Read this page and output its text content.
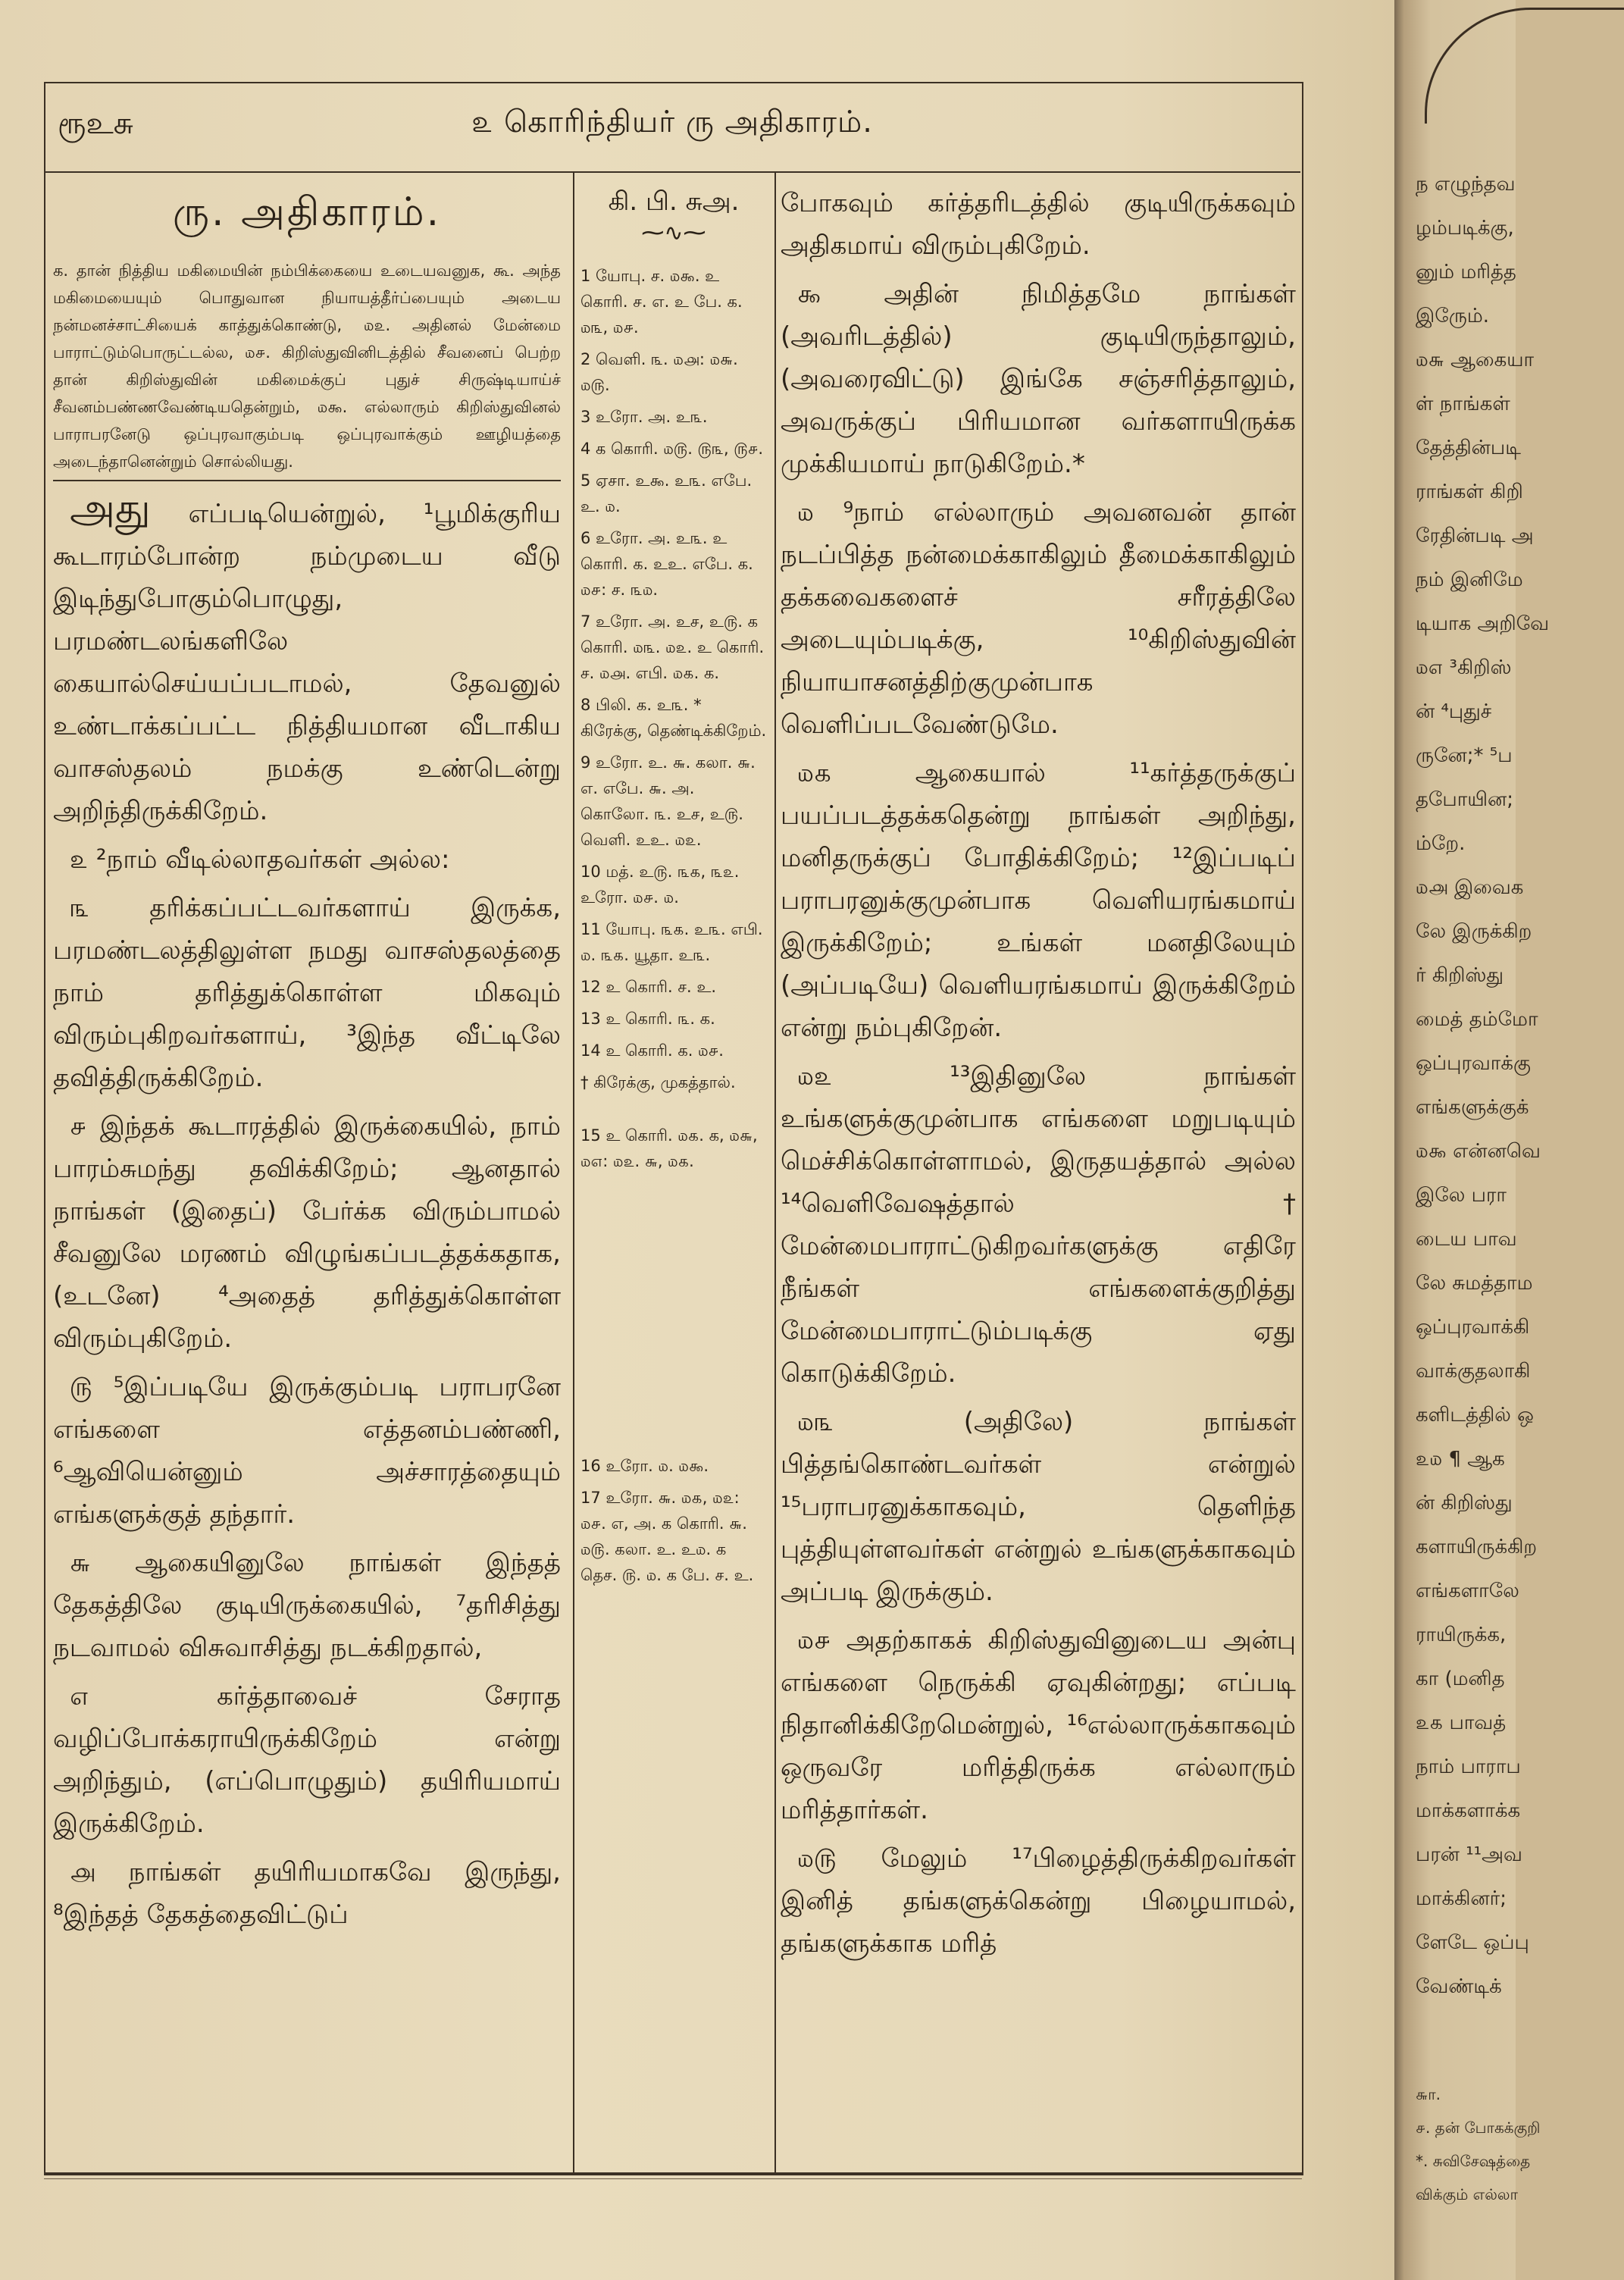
ரூஉசு	௨ கொரிந்தியர் ரு அதிகாரம்.
ரு. அதிகாரம்.
க. தான் நித்திய மகிமையின் நம்பிக்கையை உடையவனுக, கூ. அந்த மகிமையையும் பொதுவான நியாயத்தீர்ப்பையும் அடைய நன்மனச்சாட்சியைக் காத்துக்கொண்டு, ௰௨. அதினல் மேன்மை பாராட்டும்பொருட்டல்ல, ௰௪. கிறிஸ்துவினிடத்தில் சீவனைப் பெற்ற தான் கிறிஸ்துவின் மகிமைக்குப் புதுச் சிருஷ்டியாய்ச் சீவனம்பண்ணவேண்டியதென்றும், ௰௯. எல்லாரும் கிறிஸ்துவினல் பாராபரனேடு ஒப்புரவாகும்படி ஒப்புரவாக்கும் ஊழியத்தை அடைந்தானென்றும் சொல்லியது.

அது எப்படியென்றுல், ¹பூமிக்குரிய கூடாரம்போன்ற நம்முடைய வீடு இடிந்துபோகும்பொழுது, பரமண்டலங்களிலே கையால்செய்யப்படாமல், தேவனுல் உண்டாக்கப்பட்ட நித்தியமான வீடாகிய வாசஸ்தலம் நமக்கு உண்டென்று அறிந்திருக்கிறேம்.

௨ ²நாம் வீடில்லாதவர்கள் அல்ல:

௩ தரிக்கப்பட்டவர்களாய் இருக்க, பரமண்டலத்திலுள்ள நமது வாசஸ்தலத்தை நாம் தரித்துக்கொள்ள மிகவும் விரும்புகிறவர்களாய், ³இந்த வீட்டிலே தவித்திருக்கிறேம்.

௪ இந்தக் கூடாரத்தில் இருக்கையில், நாம் பாரம்சுமந்து தவிக்கிறேம்; ஆனதால் நாங்கள் (இதைப்) பேர்க்க விரும்பாமல் சீவனுலே மரணம் விழுங்கப்படத்தக்கதாக, (உடனே) ⁴அதைத் தரித்துக்கொள்ள விரும்புகிறேம்.

௫ ⁵இப்படியே இருக்கும்படி பராபரனே எங்களை எத்தனம்பண்ணி, ⁶ஆவியென்னும் அச்சாரத்தையும் எங்களுக்குத் தந்தார்.

௬ ஆகையினுலே நாங்கள் இந்தத் தேகத்திலே குடியிருக்கையில், ⁷தரிசித்து நடவாமல் விசுவாசித்து நடக்கிறதால்,

௭ கர்த்தாவைச் சேராத வழிப்போக்கராயிருக்கிறேம் என்று அறிந்தும், (எப்பொழுதும்) தயிரியமாய் இருக்கிறேம்.

௮ நாங்கள் தயிரியமாகவே இருந்து, ⁸இந்தத் தேகத்தைவிட்டுப்

கி. பி. சுஅ.
⁓∿⁓
1 யோபு. ச. ௰௯. உ கொரி. ச. எ. உ பே. க. ௰௩, ௰௪.
2 வெளி. ௩. ௰௮: ௰௬. ௰௫.
3 உரோ. அ. உ௩.
4 க கொரி. ௰௫. ௫௩, ௫௪.
5 ஏசா. உ௯. உ௩. எபே. உ. ௰.
6 உரோ. அ. உ௩. உ கொரி. க. உஉ. எபே. க. ௰௪: ச. ௩௰.
7 உரோ. அ. உச, உ௫. க கொரி. ௰௩. ௰௨. உ கொரி. ச. ௰௮. எபி. ௰௧. க.
8 பிலி. க. உ௩. * கிரேக்கு, தெண்டிக்கிறேம்.
9 உரோ. உ. ௬. கலா. ௬. எ. எபே. ௬. அ. கொலோ. ௩. உச, உ௫. வெளி. உஉ. ௰௨.
10 மத். உ௫. ௩௧, ௩௨. உரோ. ௰௪. ௰.
11 யோபு. ௩௧. உ௩. எபி. ௰. ௩௧. யூதா. உ௩.
12 உ கொரி. ச. உ.
13 உ கொரி. ௩. க.
14 உ கொரி. க. ௰௪.
† கிரேக்கு, முகத்தால்.
15 உ கொரி. ௰௧. க, ௰௬, ௰௭: ௰௨. ௬, ௰௧.
16 உரோ. ௰. ௰௯.
17 உரோ. ௬. ௰௧, ௰௨: ௰௪. எ, அ. க கொரி. ௬. ௰௫. கலா. உ. உ௰. க தெச. ௫. ௰. க பே. ச. உ.

போகவும் கர்த்தரிடத்தில் குடியிருக்கவும் அதிகமாய் விரும்புகிறேம்.

௯ அதின் நிமித்தமே நாங்கள் (அவரிடத்தில்) குடியிருந்தாலும், (அவரைவிட்டு) இங்கே சஞ்சரித்தாலும், அவருக்குப் பிரியமான வர்களாயிருக்க முக்கியமாய் நாடுகிறேம்.*

௰ ⁹நாம் எல்லாரும் அவனவன் தான் நடப்பித்த நன்மைக்காகிலும் தீமைக்காகிலும் தக்கவைகளைச் சரீரத்திலே அடையும்படிக்கு, ¹⁰கிறிஸ்துவின் நியாயாசனத்திற்குமுன்பாக வெளிப்படவேண்டுமே.

௰௧ ஆகையால் ¹¹கர்த்தருக்குப் பயப்படத்தக்கதென்று நாங்கள் அறிந்து, மனிதருக்குப் போதிக்கிறேம்; ¹²இப்படிப் பராபரனுக்குமுன்பாக வெளியரங்கமாய் இருக்கிறேம்; உங்கள் மனதிலேயும் (அப்படியே) வெளியரங்கமாய் இருக்கிறேம் என்று நம்புகிறேன்.

௰௨ ¹³இதினுலே நாங்கள் உங்களுக்குமுன்பாக எங்களை மறுபடியும் மெச்சிக்கொள்ளாமல், இருதயத்தால் அல்ல ¹⁴வெளிவேஷத்தால்† மேன்மைபாராட்டுகிறவர்களுக்கு எதிரே நீங்கள் எங்களைக்குறித்து மேன்மைபாராட்டும்படிக்கு ஏது கொடுக்கிறேம்.

௰௩ (அதிலே) நாங்கள் பித்தங்கொண்டவர்கள் என்றுல் ¹⁵பராபரனுக்காகவும், தெளிந்த புத்தியுள்ளவர்கள் என்றுல் உங்களுக்காகவும் அப்படி இருக்கும்.

௰௪ அதற்காகக் கிறிஸ்துவினுடைய அன்பு எங்களை நெருக்கி ஏவுகின்றது; எப்படி நிதானிக்கிறேமென்றுல், ¹⁶எல்லாருக்காகவும் ஒருவரே மரித்திருக்க எல்லாரும் மரித்தார்கள்.

௰௫ மேலும் ¹⁷பிழைத்திருக்கிறவர்கள் இனித் தங்களுக்கென்று பிழையாமல், தங்களுக்காக மரித்

ந எழுந்தவ
ழம்படிக்கு,
னும் மரித்த
இருேம்.
௰௬ ஆகையா
ள் நாங்கள்
தேத்தின்படி
ராங்கள் கிறி
ரேதின்படி அ
நம் இனிமே
டியாக அறிவே
௰௭ ³கிறிஸ்
ன் ⁴புதுச்
ருனே;* ⁵ப
தபோயின;
ம்றே.
௰௮ இவைக
லே இருக்கிற
ர் கிறிஸ்து
மைத் தம்மோ
ஒப்புரவாக்கு
எங்களுக்குக்
௰௯ என்னவெ
இலே பரா
டைய பாவ
லே சுமத்தாம
ஒப்புரவாக்கி
வாக்குதலாகி
களிடத்தில் ஒ
௨௰ ¶ ஆக
ன் கிறிஸ்து
களாயிருக்கிற
எங்களாலே
ராயிருக்க,
கா (மனித
௨௧ பாவத்
நாம் பாராப
மாக்களாக்க
பரன் ¹¹அவ
மாக்கினர்;
ளேடே ஒப்பு
வேண்டிக்
௬ா.
௪. தன் போகக்குறி
*. சுவிசேஷத்தை
விக்கும் எல்லா
